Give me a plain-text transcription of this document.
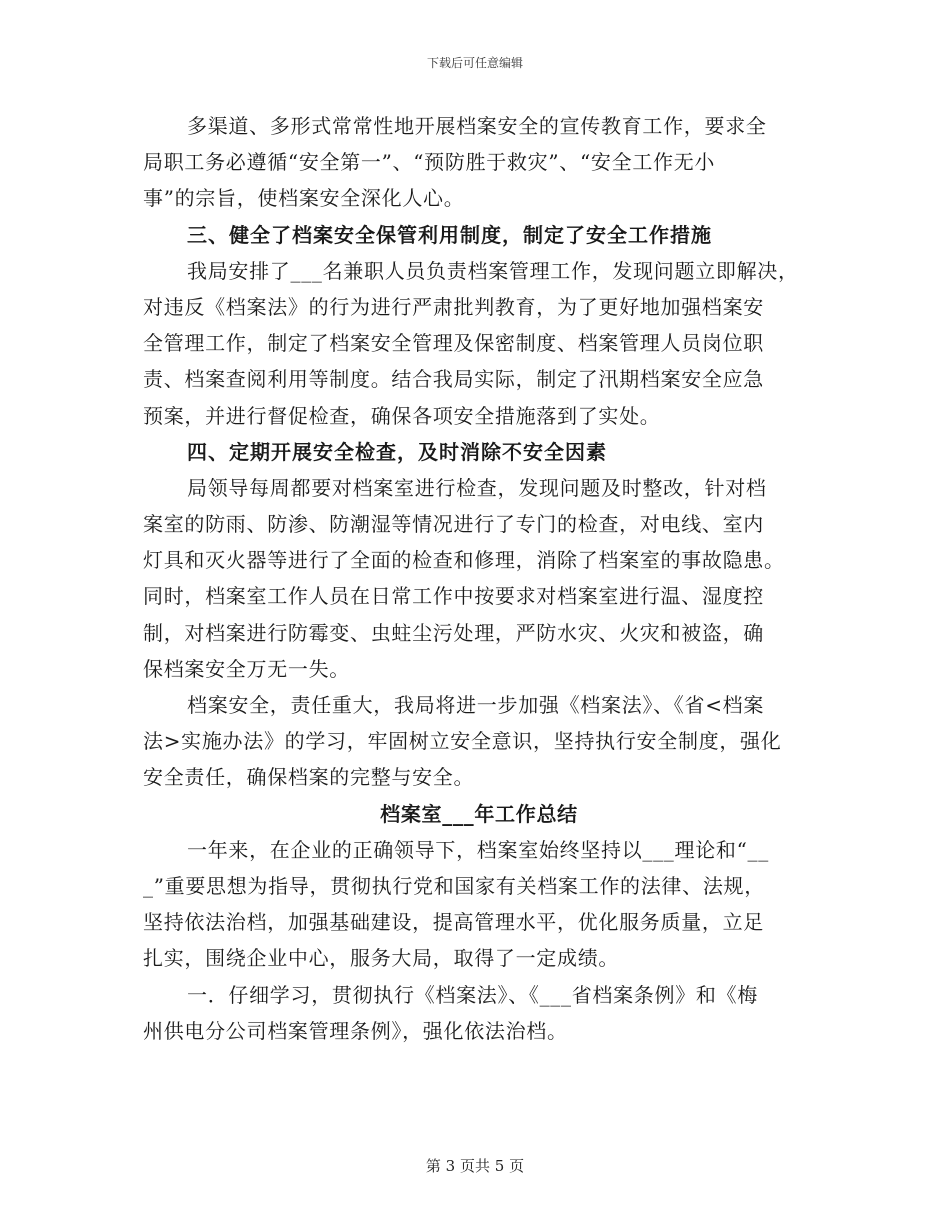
下载后可任意编辑
多渠道、多形式常常性地开展档案安全的宣传教育工作，要求全
局职工务必遵循“安全第一”、“预防胜于救灾”、“安全工作无小
事”的宗旨，使档案安全深化人心。
三、健全了档案安全保管利用制度，制定了安全工作措施
我局安排了___名兼职人员负责档案管理工作，发现问题立即解决，
对违反《档案法》的行为进行严肃批判教育，为了更好地加强档案安
全管理工作，制定了档案安全管理及保密制度、档案管理人员岗位职
责、档案查阅利用等制度。结合我局实际，制定了汛期档案安全应急
预案，并进行督促检查，确保各项安全措施落到了实处。
四、定期开展安全检查，及时消除不安全因素
局领导每周都要对档案室进行检查，发现问题及时整改，针对档
案室的防雨、防渗、防潮湿等情况进行了专门的检查，对电线、室内
灯具和灭火器等进行了全面的检查和修理，消除了档案室的事故隐患。
同时，档案室工作人员在日常工作中按要求对档案室进行温、湿度控
制，对档案进行防霉变、虫蛀尘污处理，严防水灾、火灾和被盗，确
保档案安全万无一失。
档案安全，责任重大，我局将进一步加强《档案法》、《省<档案
法>实施办法》的学习，牢固树立安全意识，坚持执行安全制度，强化
安全责任，确保档案的完整与安全。
档案室___年工作总结
一年来，在企业的正确领导下，档案室始终坚持以___理论和“__
_”重要思想为指导，贯彻执行党和国家有关档案工作的法律、法规，
坚持依法治档，加强基础建设，提高管理水平，优化服务质量，立足
扎实，围绕企业中心，服务大局，取得了一定成绩。
一．仔细学习，贯彻执行《档案法》、《___省档案条例》和《梅
州供电分公司档案管理条例》，强化依法治档。
第 3 页共 5 页
